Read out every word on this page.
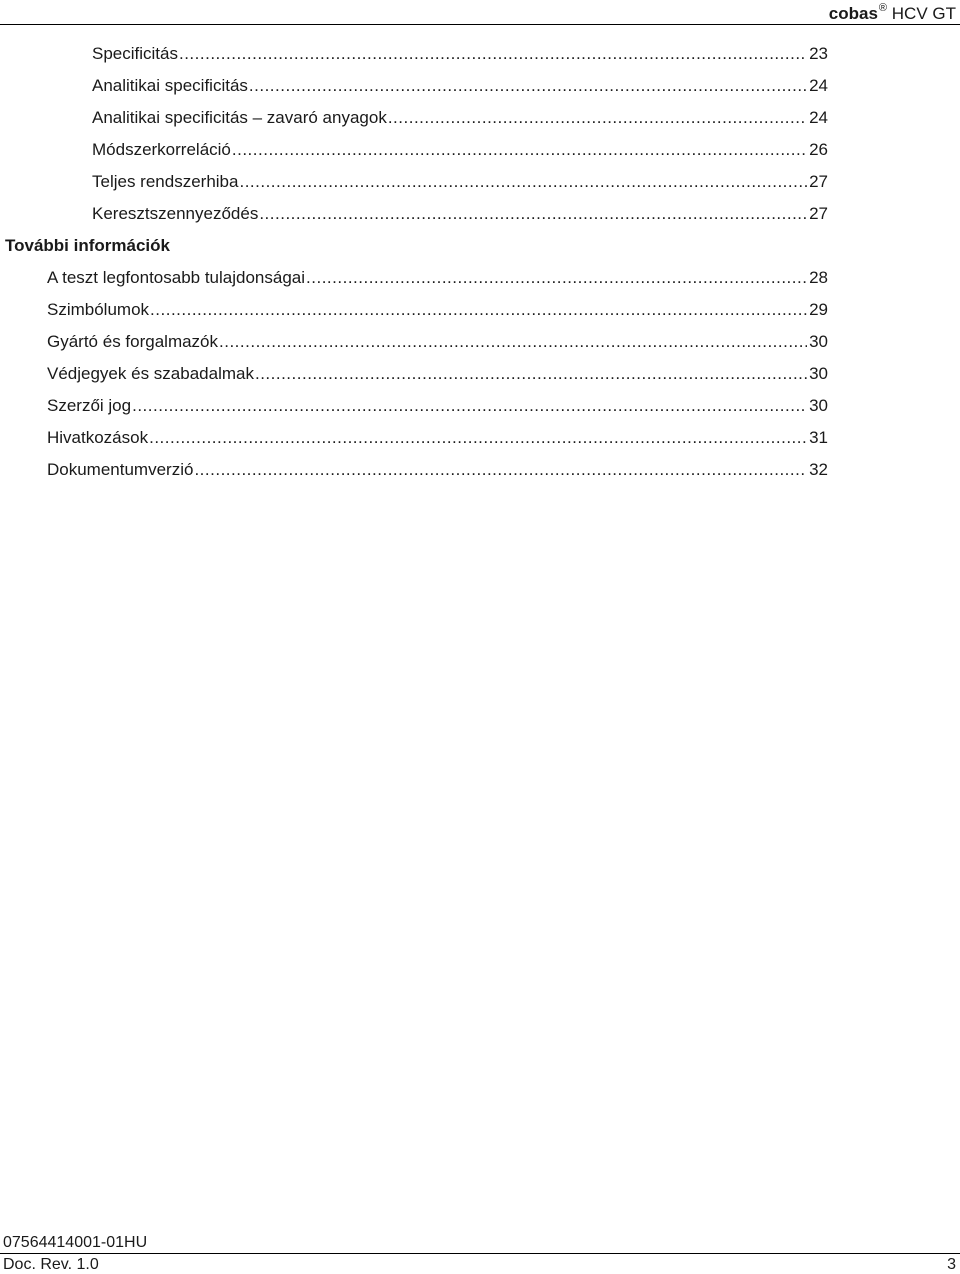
cobas® HCV GT
Specificitás .....	23
Analitikai specificitás .....	24
Analitikai specificitás – zavaró anyagok .....	24
Módszerkorreláció .....	26
Teljes rendszerhiba .....	27
Keresztszennyeződés .....	27
További információk
A teszt legfontosabb tulajdonságai .....	28
Szimbólumok .....	29
Gyártó és forgalmazók .....	30
Védjegyek és szabadalmak .....	30
Szerzői jog .....	30
Hivatkozások .....	31
Dokumentumverzió .....	32
07564414001-01HU
Doc. Rev. 1.0	3
